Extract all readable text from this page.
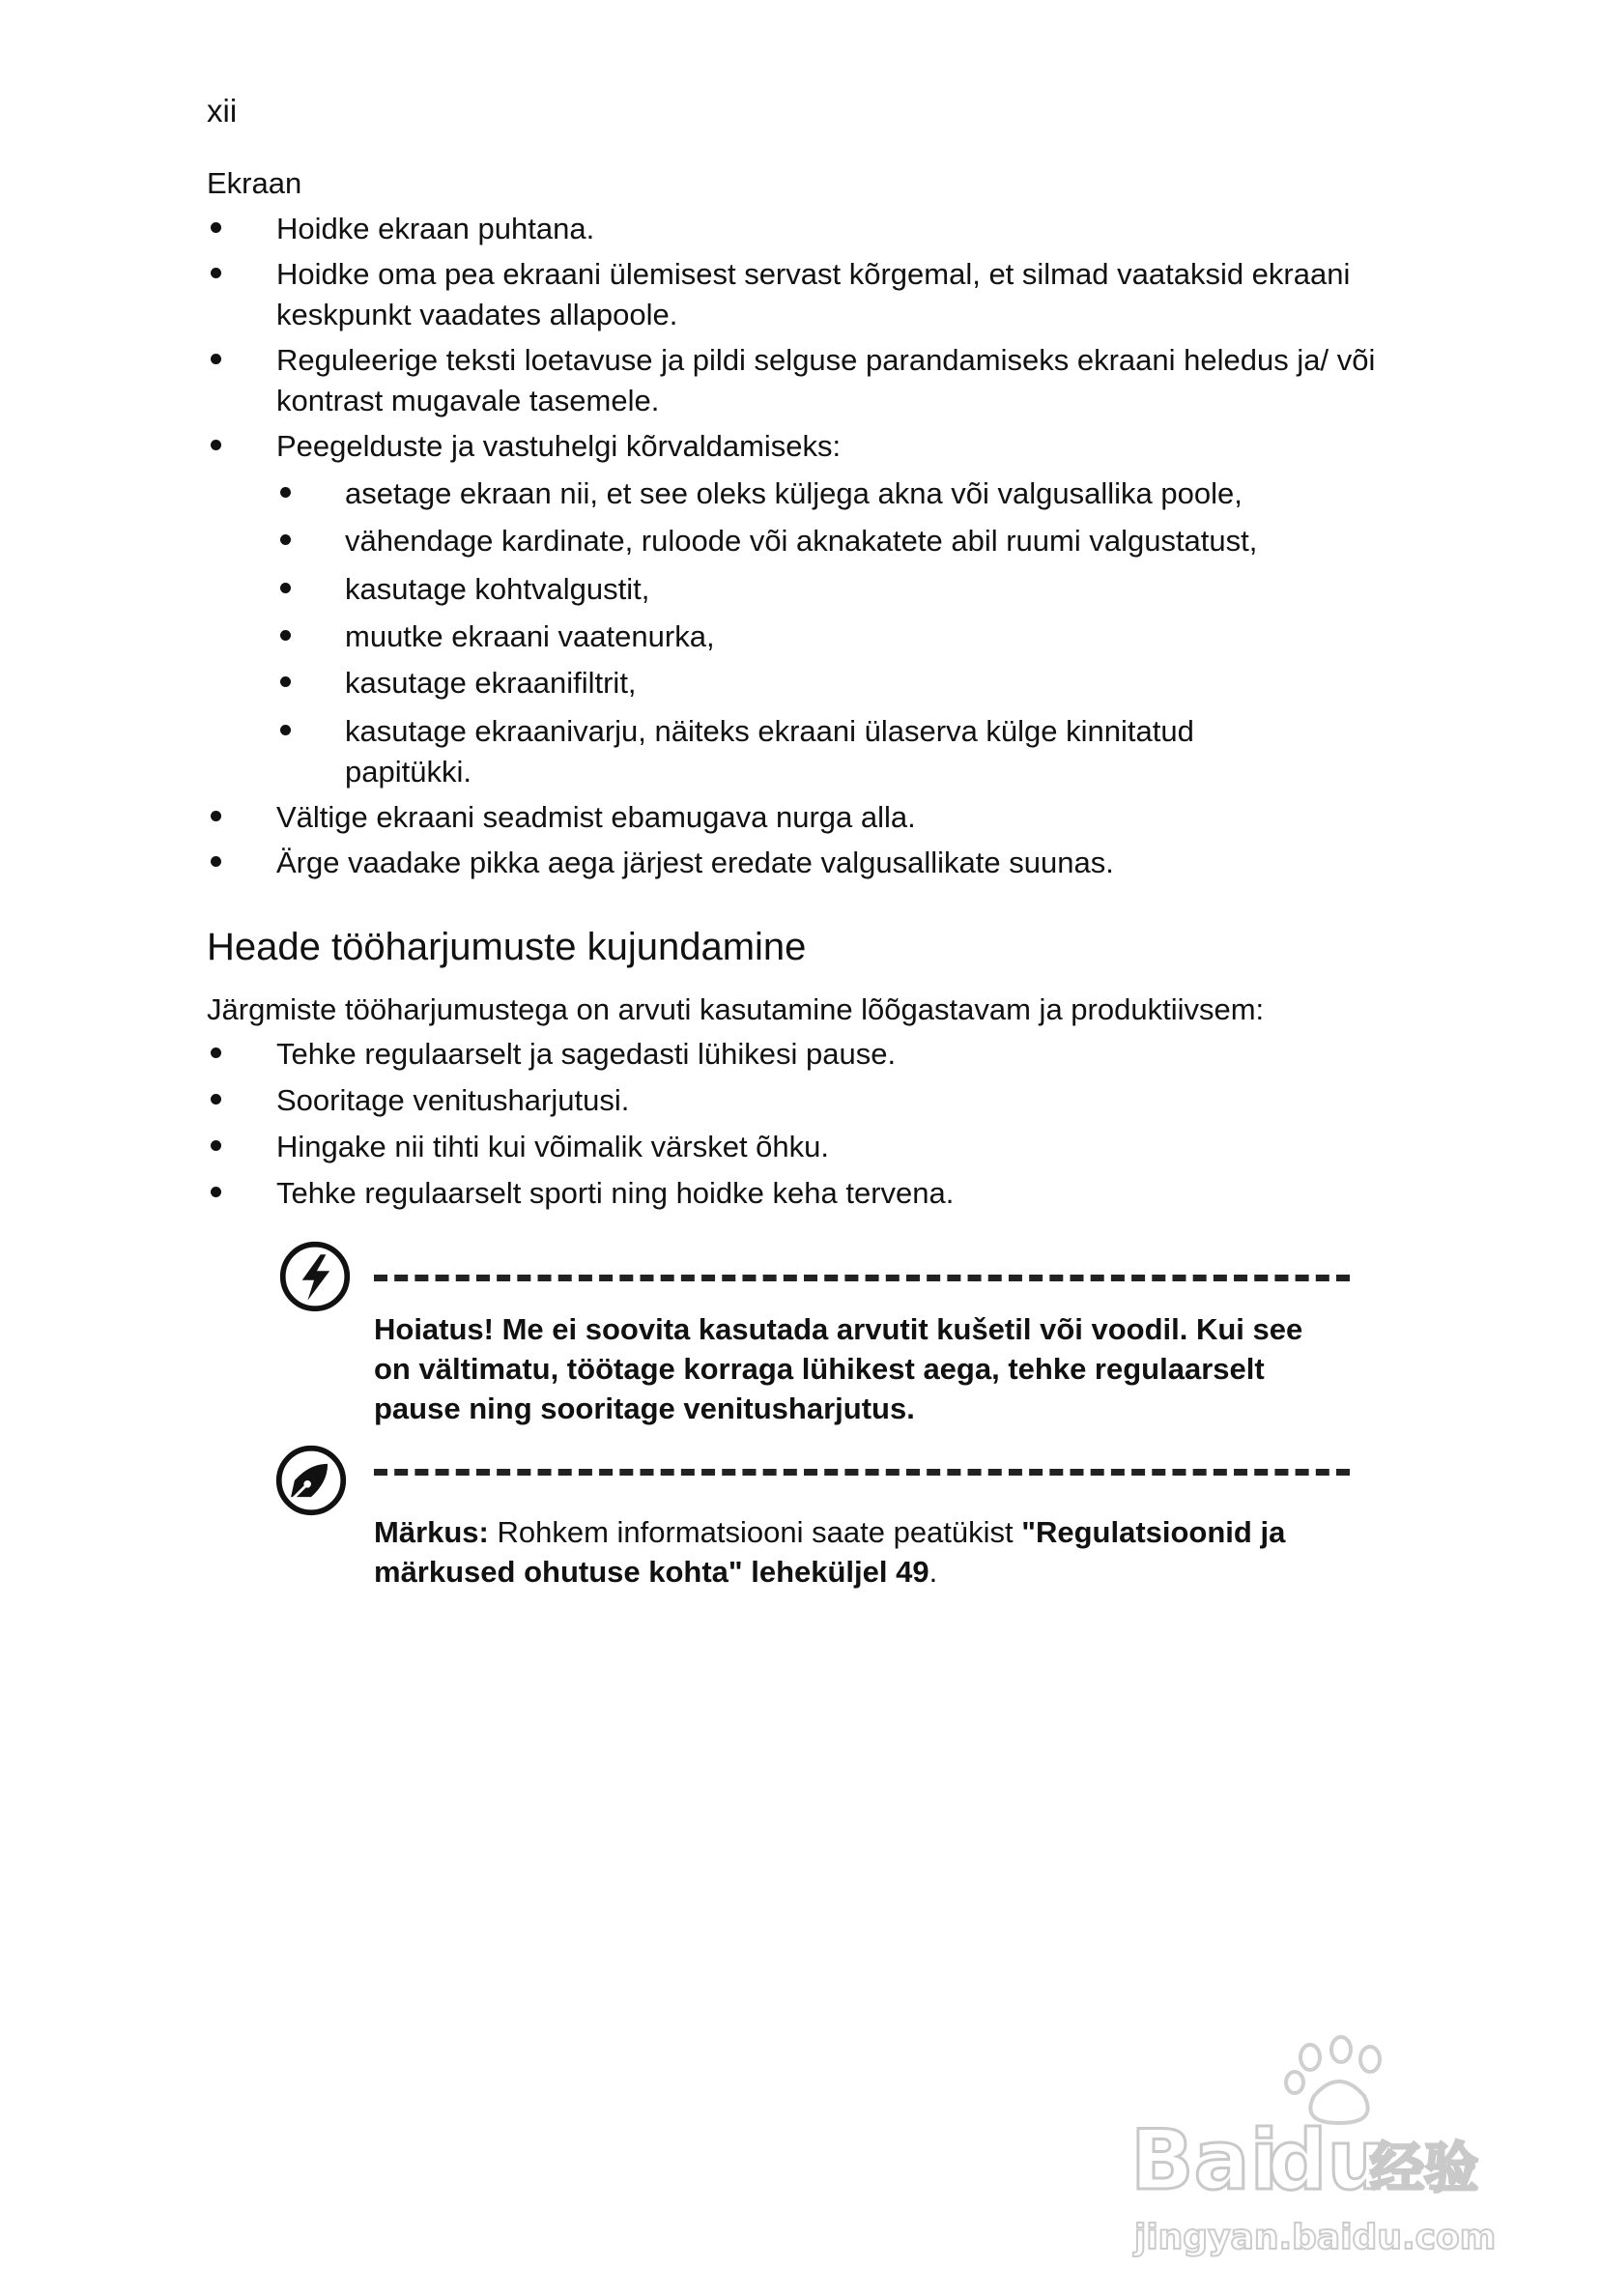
xii
Ekraan
Hoidke ekraan puhtana.
Hoidke oma pea ekraani ülemisest servast kõrgemal, et silmad vaataksid ekraani keskpunkt vaadates allapoole.
Reguleerige teksti loetavuse ja pildi selguse parandamiseks ekraani heledus ja/ või kontrast mugavale tasemele.
Peegelduste ja vastuhelgi kõrvaldamiseks:
asetage ekraan nii, et see oleks küljega akna või valgusallika poole,
vähendage kardinate, ruloode või aknakatete abil ruumi valgustatust,
kasutage kohtvalgustit,
muutke ekraani vaatenurka,
kasutage ekraanifiltrit,
kasutage ekraanivarju, näiteks ekraani ülaserva külge kinnitatud papitükki.
Vältige ekraani seadmist ebamugava nurga alla.
Ärge vaadake pikka aega järjest eredate valgusallikate suunas.
Heade tööharjumuste kujundamine
Järgmiste tööharjumustega on arvuti kasutamine lõõgastavam ja produktiivsem:
Tehke regulaarselt ja sagedasti lühikesi pause.
Sooritage venitusharjutusi.
Hingake nii tihti kui võimalik värsket õhku.
Tehke regulaarselt sporti ning hoidke keha tervena.
Hoiatus! Me ei soovita kasutada arvutit kušetil või voodil. Kui see on vältimatu, töötage korraga lühikest aega, tehke regulaarselt pause ning sooritage venitusharjutus.
Märkus: Rohkem informatsiooni saate peatükist "Regulatsioonid ja märkused ohutuse kohta" leheküljel 49.
Bai
du
经验
jingyan.baidu.com
